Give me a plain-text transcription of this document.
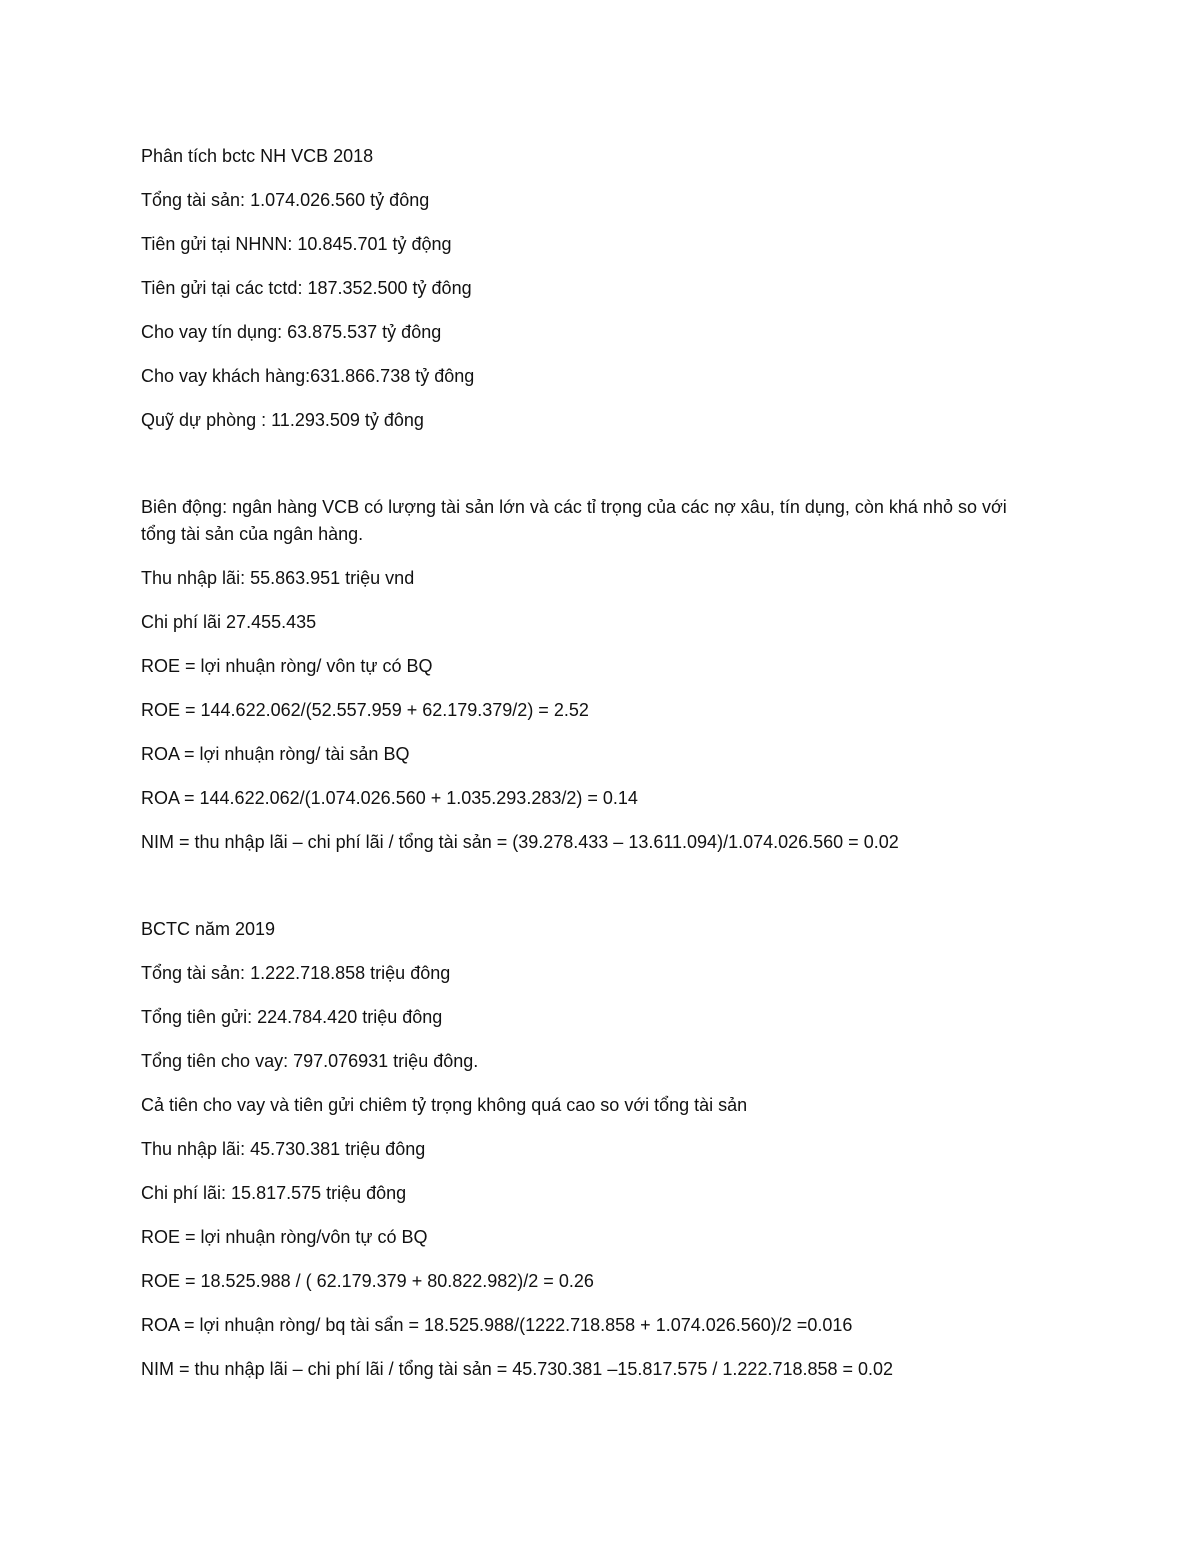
Phân tích bctc NH VCB 2018

Tổng tài sản: 1.074.026.560 tỷ đông

Tiên gửi tại NHNN: 10.845.701 tỷ động

Tiên gửi tại các tctd: 187.352.500 tỷ đông

Cho vay tín dụng: 63.875.537 tỷ đông

Cho vay khách hàng:631.866.738 tỷ đông

Quỹ dự phòng : 11.293.509 tỷ đông

Biên động: ngân hàng VCB có lượng tài sản lớn và các tỉ trọng của các nợ xâu, tín dụng, còn khá nhỏ so với tổng tài sản của ngân hàng.

Thu nhập lãi: 55.863.951 triệu vnd

Chi phí lãi 27.455.435

ROE = lợi nhuận ròng/ vôn tự có BQ

ROE = 144.622.062/(52.557.959 + 62.179.379/2) = 2.52

ROA = lợi nhuận ròng/ tài sản BQ

ROA = 144.622.062/(1.074.026.560 + 1.035.293.283/2) = 0.14

NIM = thu nhập lãi – chi phí lãi / tổng tài sản = (39.278.433 – 13.611.094)/1.074.026.560 = 0.02

BCTC năm 2019

Tổng tài sản: 1.222.718.858 triệu đông

Tổng tiên gửi: 224.784.420 triệu đông

Tổng tiên cho vay: 797.076931 triệu đông.

Cả tiên cho vay và tiên gửi chiêm tỷ trọng không quá cao so với tổng tài sản

Thu nhập lãi: 45.730.381 triệu đông

Chi phí lãi: 15.817.575 triệu đông

ROE = lợi nhuận ròng/vôn tự có BQ

ROE = 18.525.988 / ( 62.179.379 + 80.822.982)/2 = 0.26

ROA = lợi nhuận ròng/ bq tài sẩn = 18.525.988/(1222.718.858 + 1.074.026.560)/2 =0.016

NIM = thu nhập lãi – chi phí lãi / tổng tài sản = 45.730.381 –15.817.575 / 1.222.718.858 = 0.02
